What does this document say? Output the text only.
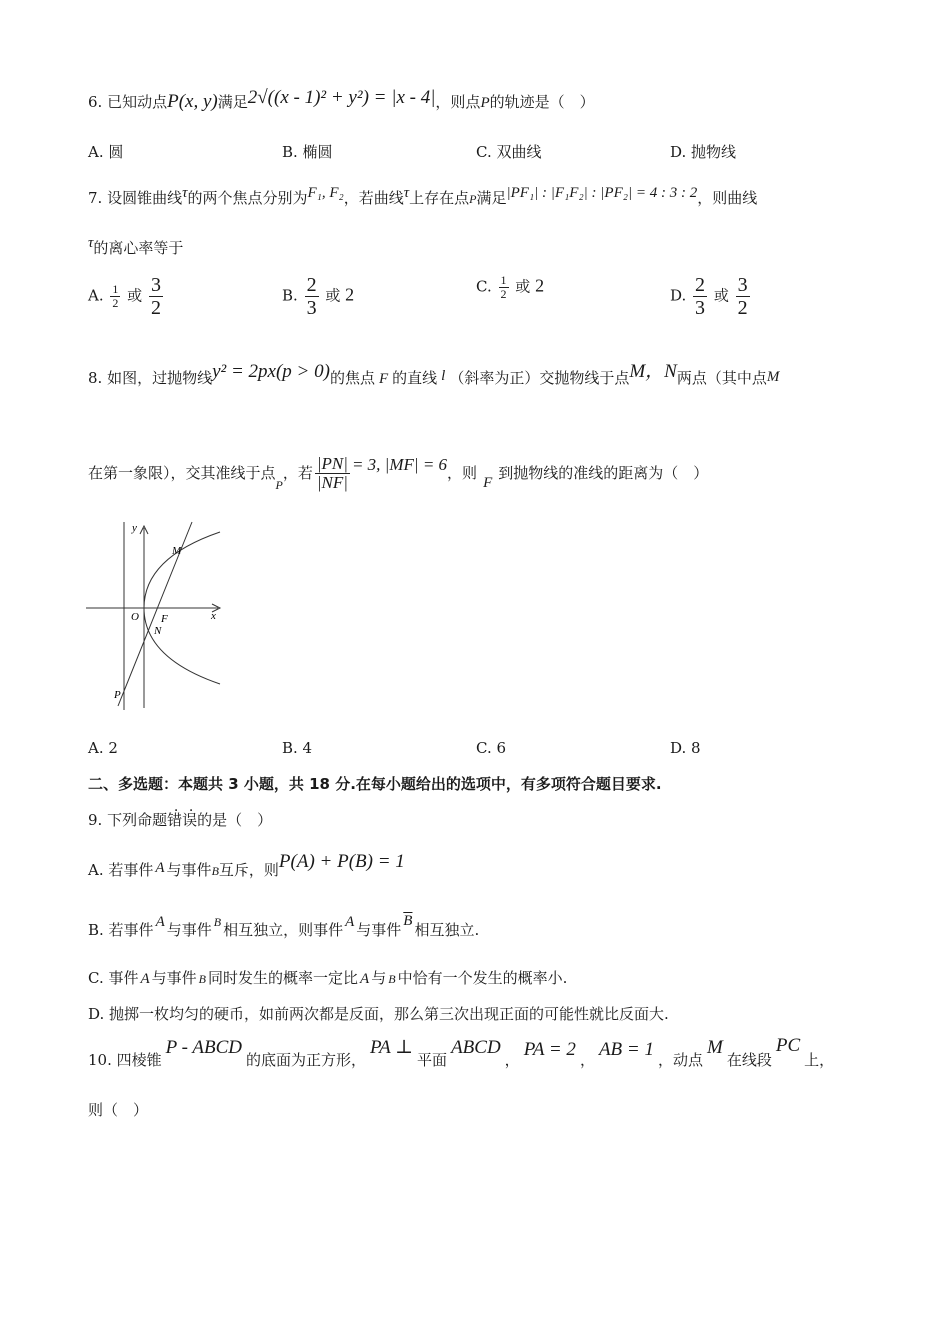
6. 已知动点P(x, y)满足2√((x - 1)² + y²) = |x - 4|，则点P的轨迹是（　）
A. 圆	B. 椭圆	C. 双曲线	D. 抛物线
7. 设圆锥曲线τ的两个焦点分别为F₁, F₂，若曲线τ上存在点P满足|PF₁| : |F₁F₂| : |PF₂| = 4 : 3 : 2，则曲线
τ的离心率等于
A. $\frac{1}{2}$ 或 $\frac{3}{2}$	B. $\frac{2}{3}$ 或 2	C. $\frac{1}{2}$ 或 2	D. $\frac{2}{3}$ 或 $\frac{3}{2}$
8. 如图，过抛物线y² = 2px(p > 0)的焦点 F 的直线 l （斜率为正）交抛物线于点M，N两点（其中点M
在第一象限），交其准线于点$_P$，若 $\frac{|PN|}{|NF|} = 3$, |MF| = 6，则F到抛物线的准线的距离为（　）
y
x
O F
M
N
P
A. 2	B. 4	C. 6	D. 8
二、多选题：本题共 3 小题，共 18 分.在每小题给出的选项中，有多项符合题目要求.
9. 下列命题错误的是（　）
A. 若事件 A 与事件B互斥，则P(A) + P(B) = 1
B. 若事件 A 与事件 $^B$ 相互独立，则事件 A 与事件 $\overline{B}$ 相互独立.
C. 事件 A 与事件 B 同时发生的概率一定比 A 与 B 中恰有一个发生的概率小.
D. 抛掷一枚均匀的硬币，如前两次都是反面，那么第三次出现正面的可能性就比反面大.
10. 四棱锥P - ABCD的底面为正方形，PA ⊥平面ABCD， PA = 2 ， AB = 1 ，动点M在线段PC上，
则（　）
